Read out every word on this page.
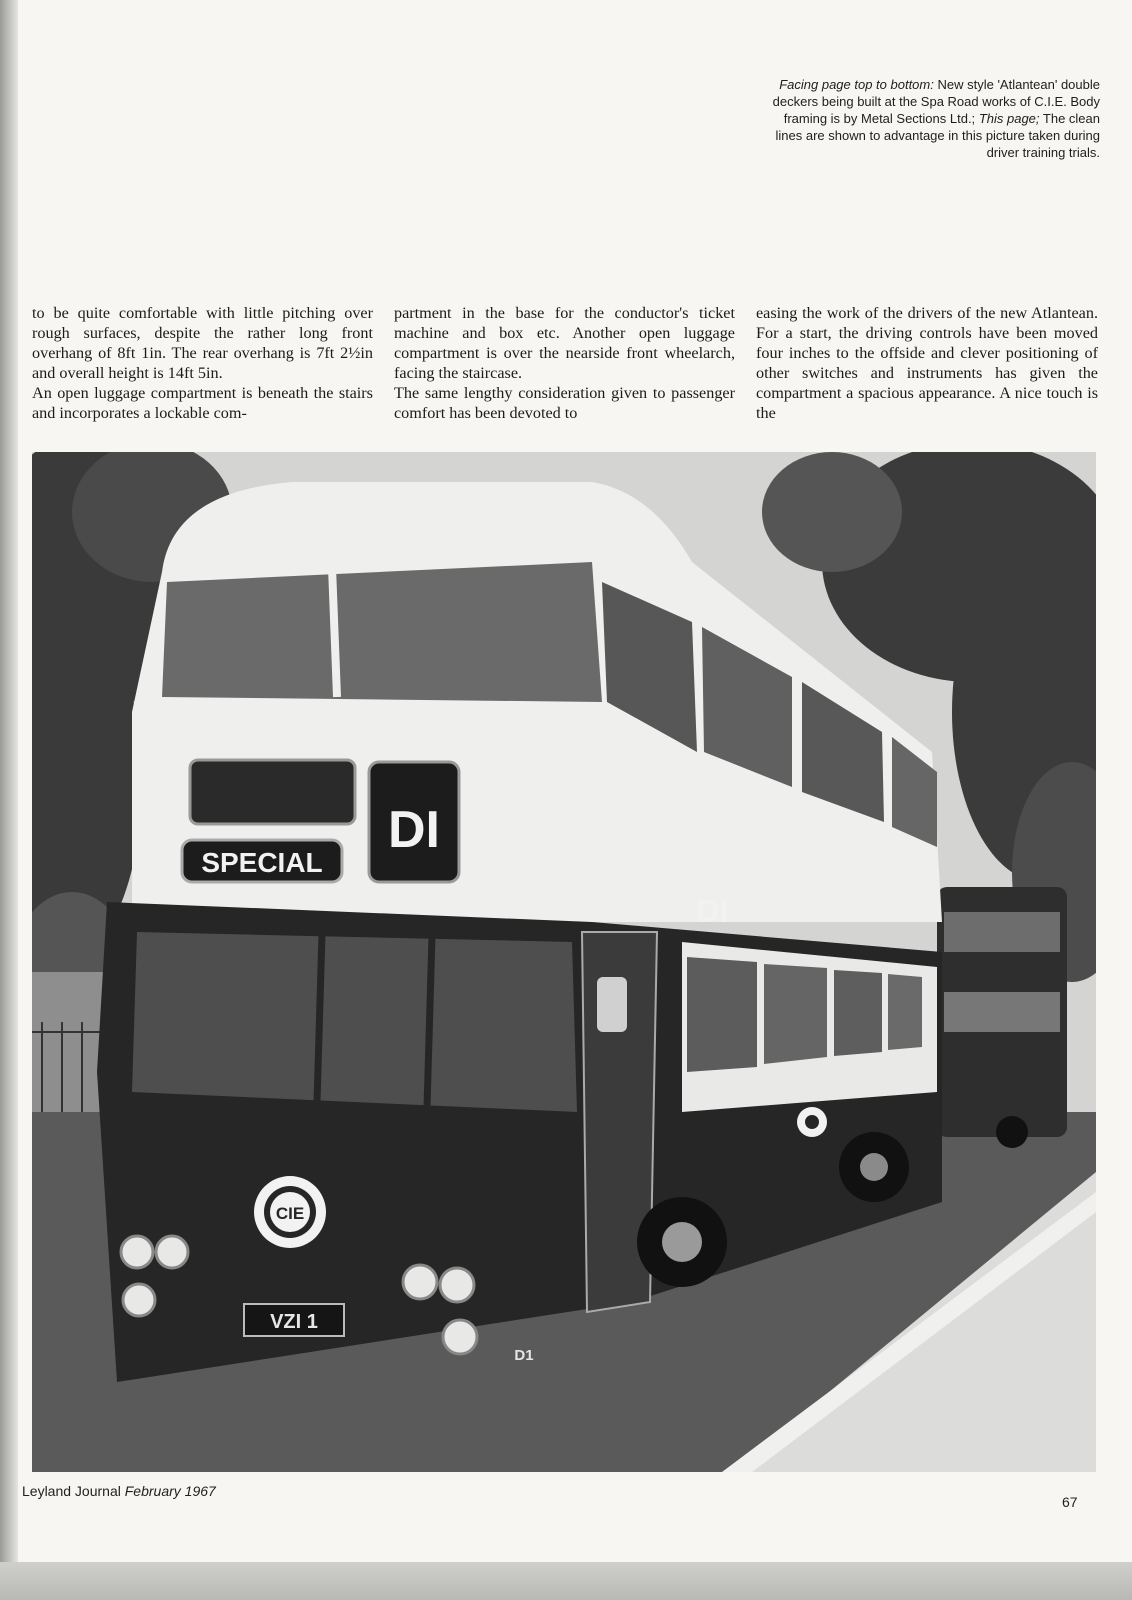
Facing page top to bottom: New style 'Atlantean' double deckers being built at the Spa Road works of C.I.E. Body framing is by Metal Sections Ltd.; This page; The clean lines are shown to advantage in this picture taken during driver training trials.

to be quite comfortable with little pitching over rough surfaces, despite the rather long front overhang of 8ft 1in. The rear overhang is 7ft 2½in and overall height is 14ft 5in.

An open luggage compartment is beneath the stairs and incorporates a lockable com-

partment in the base for the conductor's ticket machine and box etc. Another open luggage compartment is over the nearside front wheelarch, facing the staircase.

The same lengthy consideration given to passenger comfort has been devoted to

easing the work of the drivers of the new Atlantean. For a start, the driving controls have been moved four inches to the offside and clever positioning of other switches and instruments has given the compartment a spacious appearance. A nice touch is the

DI
SPECIAL
DI
CIE
VZI 1
D1
Leyland Journal February 1967
67
